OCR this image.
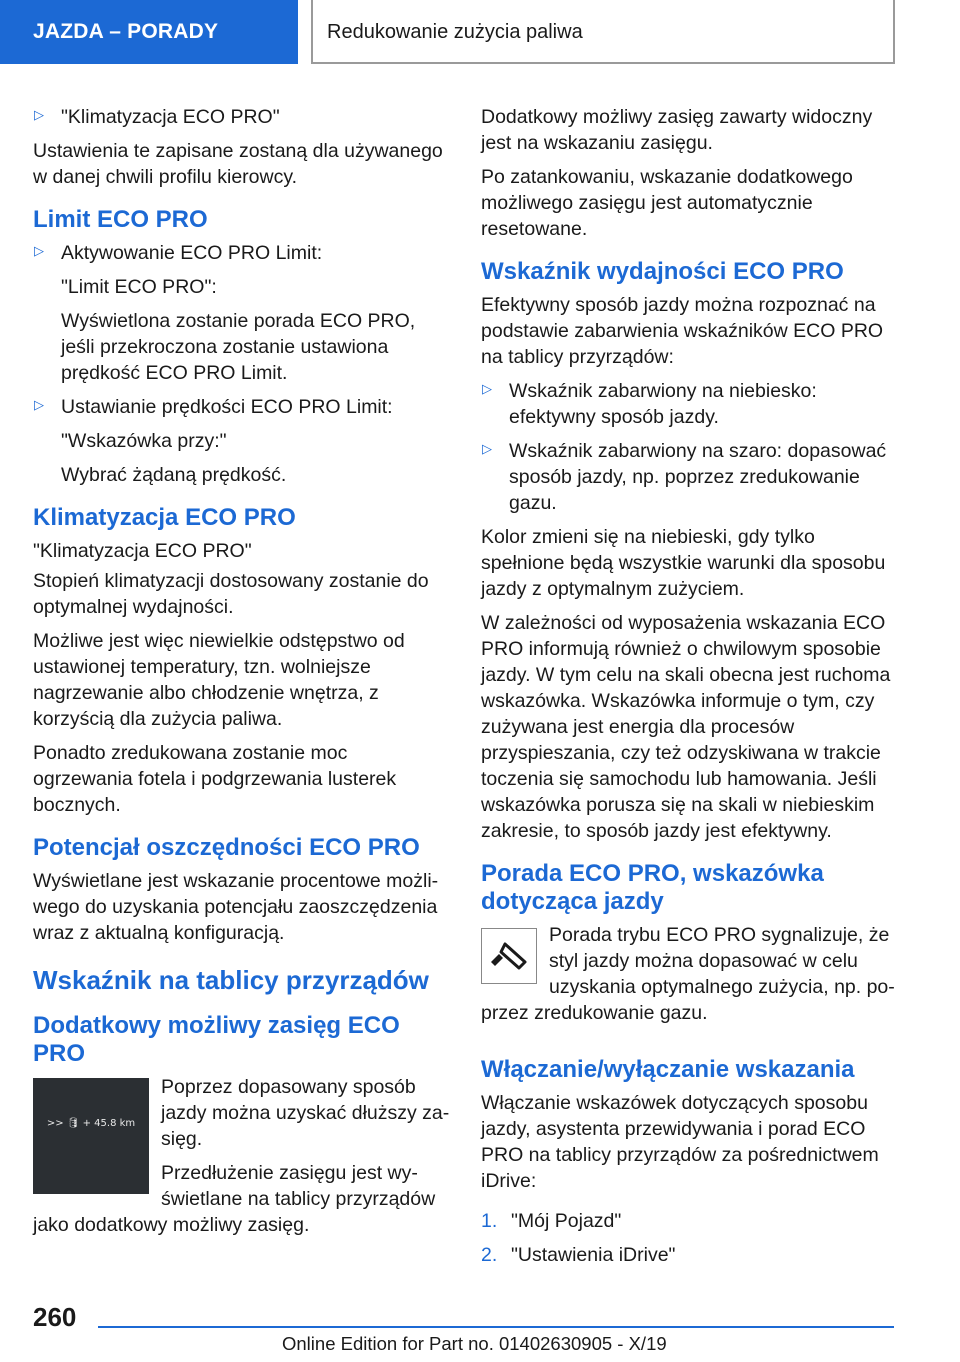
JAZDA – PORADY	Redukowanie zużycia paliwa
▷ "Klimatyzacja ECO PRO"

Ustawienia te zapisane zostaną dla używanego w danej chwili profilu kierowcy.

Limit ECO PRO
▷ Aktywowanie ECO PRO Limit:

"Limit ECO PRO":

Wyświetlona zostanie porada ECO PRO, jeśli przekroczona zostanie ustawiona prędkość ECO PRO Limit.

▷ Ustawianie prędkości ECO PRO Limit:

"Wskazówka przy:"

Wybrać żądaną prędkość.

Klimatyzacja ECO PRO

"Klimatyzacja ECO PRO"

Stopień klimatyzacji dostosowany zostanie do optymalnej wydajności.

Możliwe jest więc niewielkie odstępstwo od ustawionej temperatury, tzn. wolniejsze nagrzewanie albo chłodzenie wnętrza, z korzyścią dla zużycia paliwa.

Ponadto zredukowana zostanie moc ogrzewania fotela i podgrzewania lusterek bocznych.

Potencjał oszczędności ECO PRO

Wyświetlane jest wskazanie procentowe możliwego do uzyskania potencjału zaoszczędzenia wraz z aktualną konfiguracją.

Wskaźnik na tablicy przyrządów
Dodatkowy możliwy zasięg ECO PRO
>> 🛢 + 45.8 km

Poprzez dopasowany sposób jazdy można uzyskać dłuższy zasięg.

Przedłużenie zasięgu jest wyświetlane na tablicy przyrządów jako dodatkowy możliwy zasięg.

Dodatkowy możliwy zasięg zawarty widoczny jest na wskazaniu zasięgu.

Po zatankowaniu, wskazanie dodatkowego możliwego zasięgu jest automatycznie resetowane.

Wskaźnik wydajności ECO PRO

Efektywny sposób jazdy można rozpoznać na podstawie zabarwienia wskaźników ECO PRO na tablicy przyrządów:

▷ Wskaźnik zabarwiony na niebiesko: efektywny sposób jazdy.

▷ Wskaźnik zabarwiony na szaro: dopasować sposób jazdy, np. poprzez zredukowanie gazu.

Kolor zmieni się na niebieski, gdy tylko spełnione będą wszystkie warunki dla sposobu jazdy z optymalnym zużyciem.

W zależności od wyposażenia wskazania ECO PRO informują również o chwilowym sposobie jazdy. W tym celu na skali obecna jest ruchoma wskazówka. Wskazówka informuje o tym, czy zużywana jest energia dla procesów przyspieszania, czy też odzyskiwana w trakcie toczenia się samochodu lub hamowania. Jeśli wskazówka porusza się na skali w niebieskim zakresie, to sposób jazdy jest efektywny.

Porada ECO PRO, wskazówka dotycząca jazdy

Porada trybu ECO PRO sygnalizuje, że styl jazdy można dopasować w celu uzyskania optymalnego zużycia, np. poprzez zredukowanie gazu.

Włączanie/wyłączanie wskazania

Włączanie wskazówek dotyczących sposobu jazdy, asystenta przewidywania i porad ECO PRO na tablicy przyrządów za pośrednictwem iDrive:

1. "Mój Pojazd"
2. "Ustawienia iDrive"
260
Online Edition for Part no. 01402630905 - X/19
